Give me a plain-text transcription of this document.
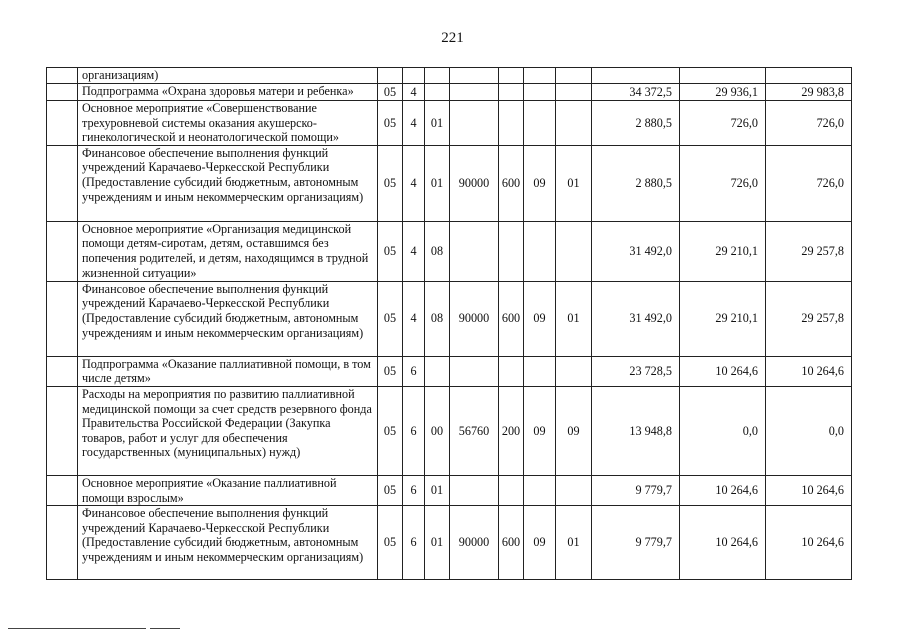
221
	организациям)										
	Подпрограмма «Охрана здоровья матери и ребенка»	05	4						34 372,5	29 936,1	29 983,8
	Основное мероприятие «Совершенствование трехуровневой системы оказания акушерско-гинекологической и неонатологической помощи»	05	4	01					2 880,5	726,0	726,0
	Финансовое обеспечение выполнения функций учреждений Карачаево-Черкесской Республики (Предоставление субсидий бюджетным, автономным учреждениям и иным некоммерческим организациям)	05	4	01	90000	600	09	01	2 880,5	726,0	726,0
	Основное мероприятие «Организация медицинской помощи детям-сиротам, детям, оставшимся без попечения родителей, и детям, находящимся в трудной жизненной ситуации»	05	4	08					31 492,0	29 210,1	29 257,8
	Финансовое обеспечение выполнения функций учреждений Карачаево-Черкесской Республики (Предоставление субсидий бюджетным, автономным учреждениям и иным некоммерческим организациям)	05	4	08	90000	600	09	01	31 492,0	29 210,1	29 257,8
	Подпрограмма «Оказание паллиативной помощи, в том числе детям»	05	6						23 728,5	10 264,6	10 264,6
	Расходы на мероприятия по развитию паллиативной медицинской помощи за счет средств резервного фонда Правительства Российской Федерации (Закупка товаров, работ и услуг для обеспечения государственных (муниципальных) нужд)	05	6	00	56760	200	09	09	13 948,8	0,0	0,0
	Основное мероприятие «Оказание паллиативной помощи взрослым»	05	6	01					9 779,7	10 264,6	10 264,6
	Финансовое обеспечение выполнения функций учреждений Карачаево-Черкесской Республики (Предоставление субсидий бюджетным, автономным учреждениям и иным некоммерческим организациям)	05	6	01	90000	600	09	01	9 779,7	10 264,6	10 264,6
